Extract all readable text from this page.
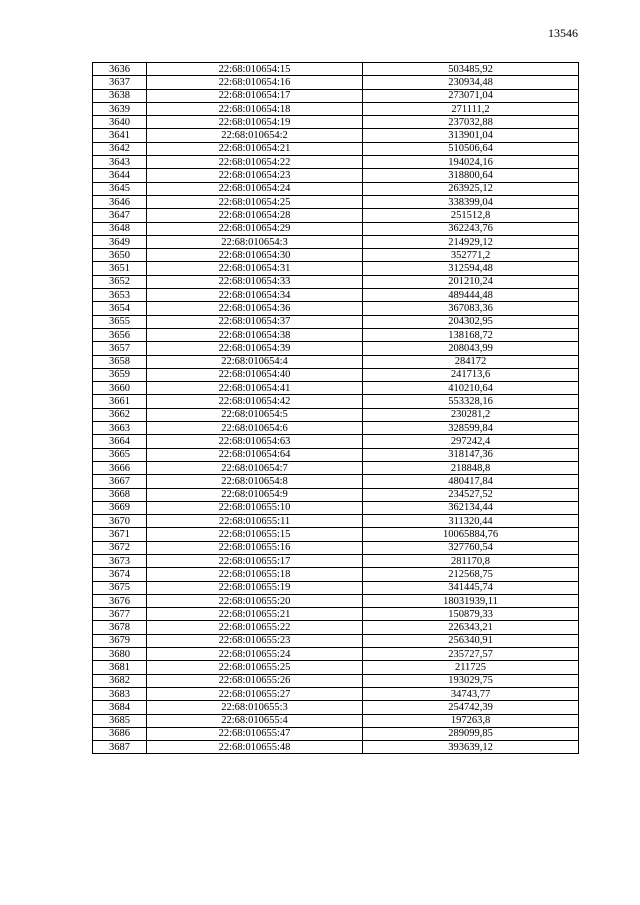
13546
3636	22:68:010654:15	503485,92
3637	22:68:010654:16	230934,48
3638	22:68:010654:17	273071,04
3639	22:68:010654:18	271111,2
3640	22:68:010654:19	237032,88
3641	22:68:010654:2	313901,04
3642	22:68:010654:21	510506,64
3643	22:68:010654:22	194024,16
3644	22:68:010654:23	318800,64
3645	22:68:010654:24	263925,12
3646	22:68:010654:25	338399,04
3647	22:68:010654:28	251512,8
3648	22:68:010654:29	362243,76
3649	22:68:010654:3	214929,12
3650	22:68:010654:30	352771,2
3651	22:68:010654:31	312594,48
3652	22:68:010654:33	201210,24
3653	22:68:010654:34	489444,48
3654	22:68:010654:36	367083,36
3655	22:68:010654:37	204302,95
3656	22:68:010654:38	138168,72
3657	22:68:010654:39	208043,99
3658	22:68:010654:4	284172
3659	22:68:010654:40	241713,6
3660	22:68:010654:41	410210,64
3661	22:68:010654:42	553328,16
3662	22:68:010654:5	230281,2
3663	22:68:010654:6	328599,84
3664	22:68:010654:63	297242,4
3665	22:68:010654:64	318147,36
3666	22:68:010654:7	218848,8
3667	22:68:010654:8	480417,84
3668	22:68:010654:9	234527,52
3669	22:68:010655:10	362134,44
3670	22:68:010655:11	311320,44
3671	22:68:010655:15	10065884,76
3672	22:68:010655:16	327760,54
3673	22:68:010655:17	281170,8
3674	22:68:010655:18	212568,75
3675	22:68:010655:19	341445,74
3676	22:68:010655:20	18031939,11
3677	22:68:010655:21	150879,33
3678	22:68:010655:22	226343,21
3679	22:68:010655:23	256340,91
3680	22:68:010655:24	235727,57
3681	22:68:010655:25	211725
3682	22:68:010655:26	193029,75
3683	22:68:010655:27	34743,77
3684	22:68:010655:3	254742,39
3685	22:68:010655:4	197263,8
3686	22:68:010655:47	289099,85
3687	22:68:010655:48	393639,12
